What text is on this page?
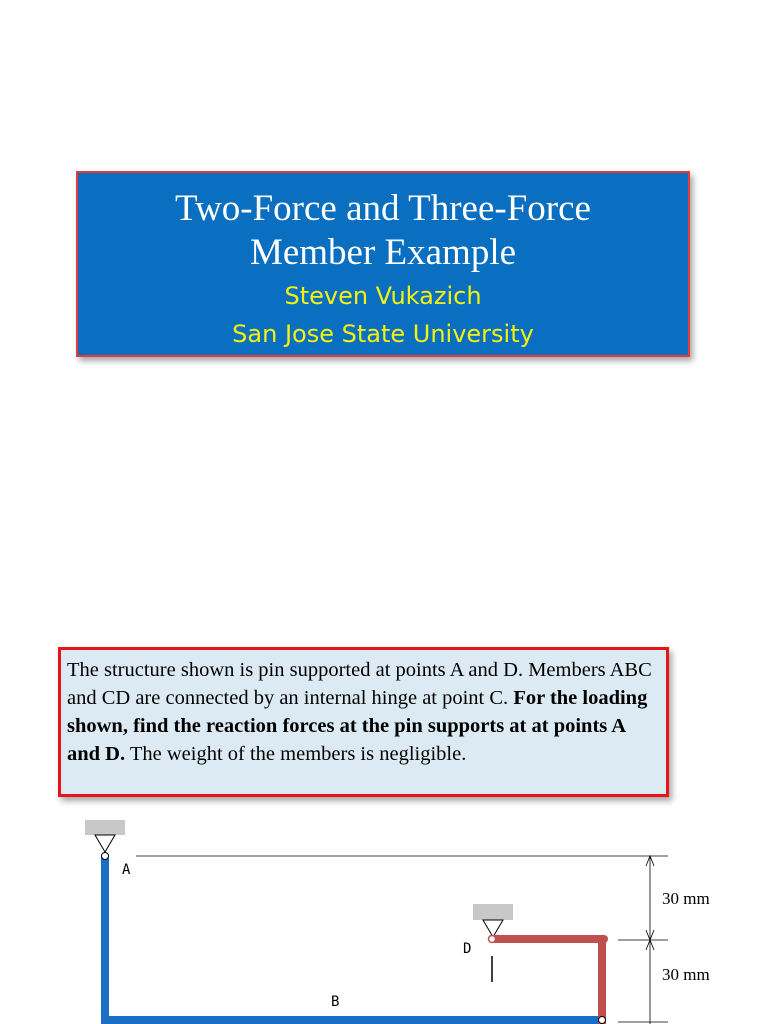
Two-Force and Three-Force
Member Example
Steven Vukazich
San Jose State University
The structure shown is pin supported at points A and D. Members ABC and CD are connected by an internal hinge at point C. For the loading shown, find the reaction forces at the pin supports at at points A and D. The weight of the members is negligible.
A
D
B
30 mm
30 mm
